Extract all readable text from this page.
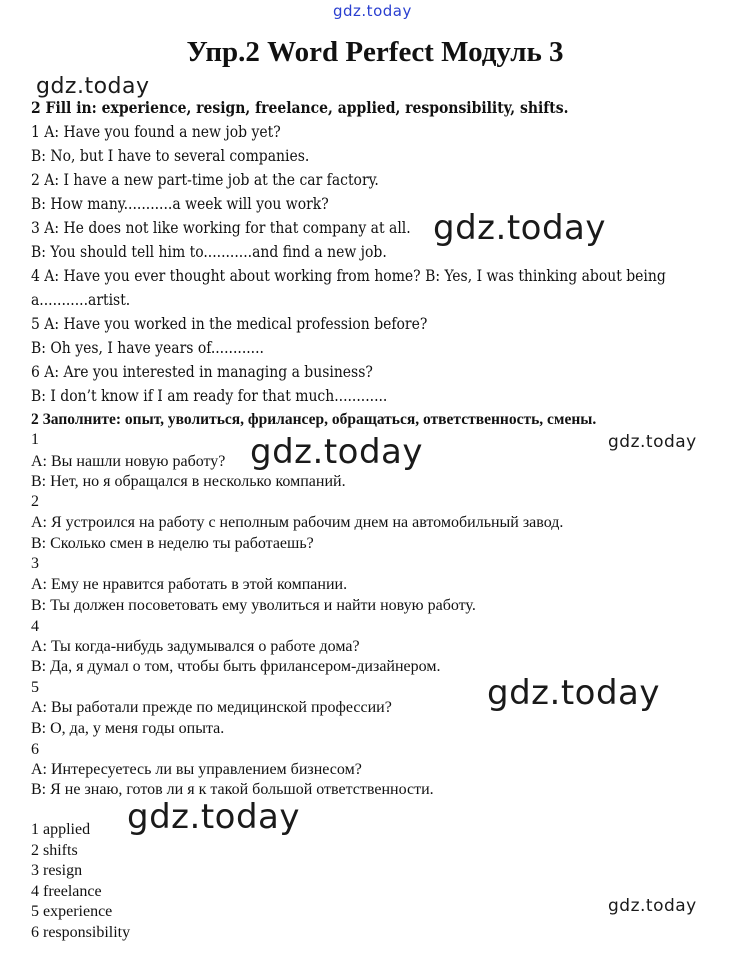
gdz.today
Упр.2 Word Perfect Модуль 3
gdz.today
2 Fill in: experience, resign, freelance, applied, responsibility, shifts.
1 A: Have you found a new job yet?
B: No, but I have to several companies.
2 A: I have a new part-time job at the car factory.
B: How many...........a week will you work?
3 A: He does not like working for that company at all.
B: You should tell him to...........and find a new job.
4 A: Have you ever thought about working from home? B: Yes, I was thinking about being
a...........artist.
5 A: Have you worked in the medical profession before?
B: Oh yes, I have years of............
6 A: Are you interested in managing a business?
B: I don’t know if I am ready for that much............
gdz.today
2 Заполните: опыт, уволиться, фрилансер, обращаться, ответственность, смены.
gdz.today
gdz.today
1
A: Вы нашли новую работу?
B: Нет, но я обращался в несколько компаний.
2
A: Я устроился на работу с неполным рабочим днем на автомобильный завод.
B: Сколько смен в неделю ты работаешь?
3
A: Ему не нравится работать в этой компании.
B: Ты должен посоветовать ему уволиться и найти новую работу.
4
A: Ты когда-нибудь задумывался о работе дома?
B: Да, я думал о том, чтобы быть фрилансером-дизайнером.
5
A: Вы работали прежде по медицинской профессии?
B: О, да, у меня годы опыта.
6
A: Интересуетесь ли вы управлением бизнесом?
B: Я не знаю, готов ли я к такой большой ответственности.
gdz.today
gdz.today
1 applied
2 shifts
3 resign
4 freelance
5 experience
6 responsibility
gdz.today
